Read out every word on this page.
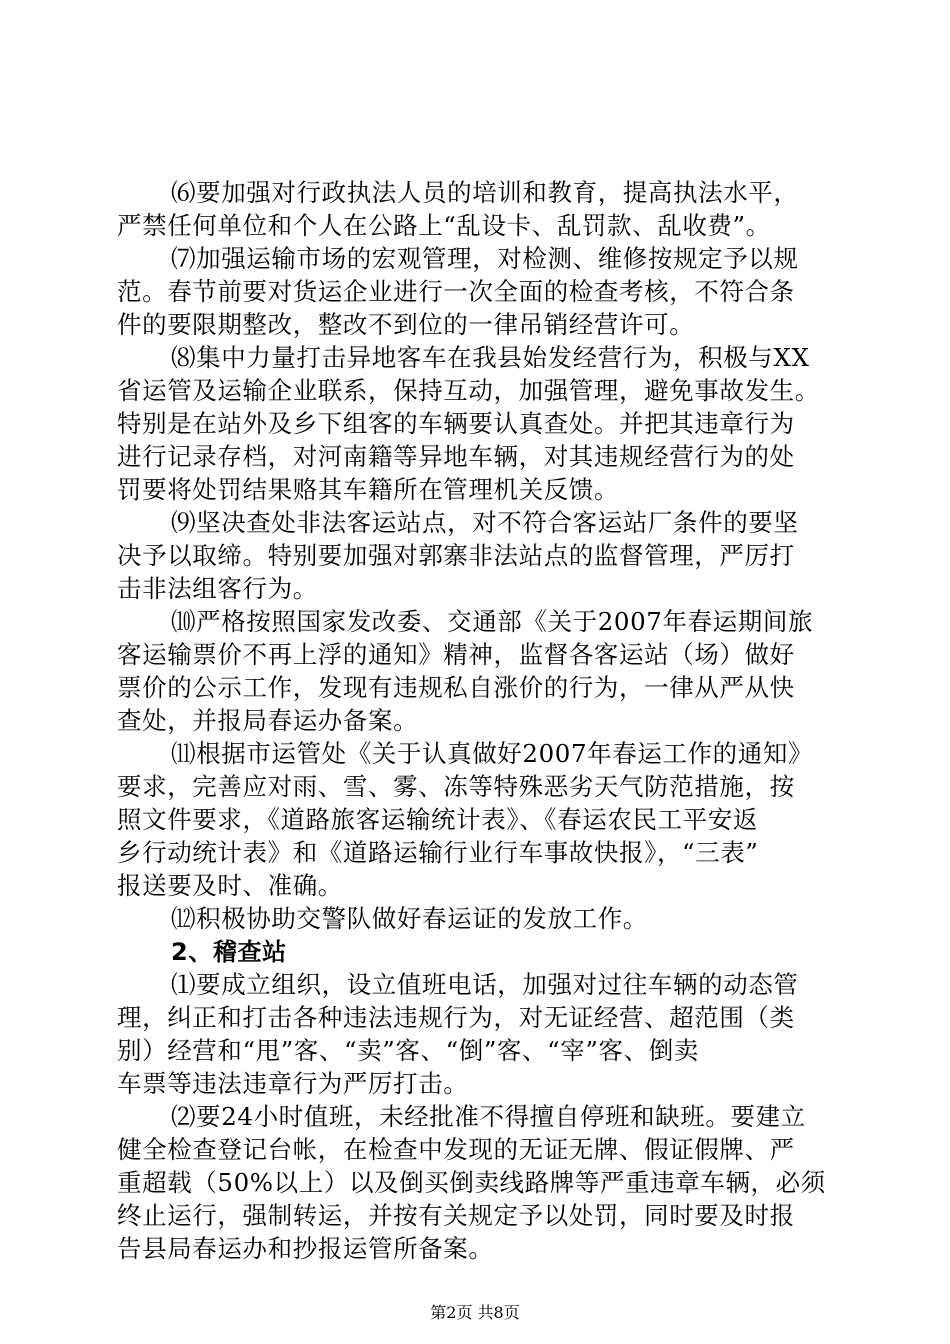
⑹要加强对行政执法人员的培训和教育，提高执法水平，
严禁任何单位和个人在公路上“乱设卡、乱罚款、乱收费”。
⑺加强运输市场的宏观管理，对检测、维修按规定予以规
范。春节前要对货运企业进行一次全面的检查考核，不符合条
件的要限期整改，整改不到位的一律吊销经营许可。
⑻集中力量打击异地客车在我县始发经营行为，积极与XX
省运管及运输企业联系，保持互动，加强管理，避免事故发生。
特别是在站外及乡下组客的车辆要认真查处。并把其违章行为
进行记录存档，对河南籍等异地车辆，对其违规经营行为的处
罚要将处罚结果赂其车籍所在管理机关反馈。
⑼坚决查处非法客运站点，对不符合客运站厂条件的要坚
决予以取缔。特别要加强对郭寨非法站点的监督管理，严厉打
击非法组客行为。
⑽严格按照国家发改委、交通部《关于2007年春运期间旅
客运输票价不再上浮的通知》精神，监督各客运站（场）做好
票价的公示工作，发现有违规私自涨价的行为，一律从严从快
查处，并报局春运办备案。
⑾根据市运管处《关于认真做好2007年春运工作的通知》
要求，完善应对雨、雪、雾、冻等特殊恶劣天气防范措施，按
照文件要求，《道路旅客运输统计表》、《春运农民工平安返
乡行动统计表》和《道路运输行业行车事故快报》，“三表”
报送要及时、准确。
⑿积极协助交警队做好春运证的发放工作。
2、稽查站
⑴要成立组织，设立值班电话，加强对过往车辆的动态管
理，纠正和打击各种违法违规行为，对无证经营、超范围（类
别）经营和“甩”客、“卖”客、“倒”客、“宰”客、倒卖
车票等违法违章行为严厉打击。
⑵要24小时值班，未经批准不得擅自停班和缺班。要建立
健全检查登记台帐，在检查中发现的无证无牌、假证假牌、严
重超载（50%以上）以及倒买倒卖线路牌等严重违章车辆，必须
终止运行，强制转运，并按有关规定予以处罚，同时要及时报
告县局春运办和抄报运管所备案。
第2页 共8页
